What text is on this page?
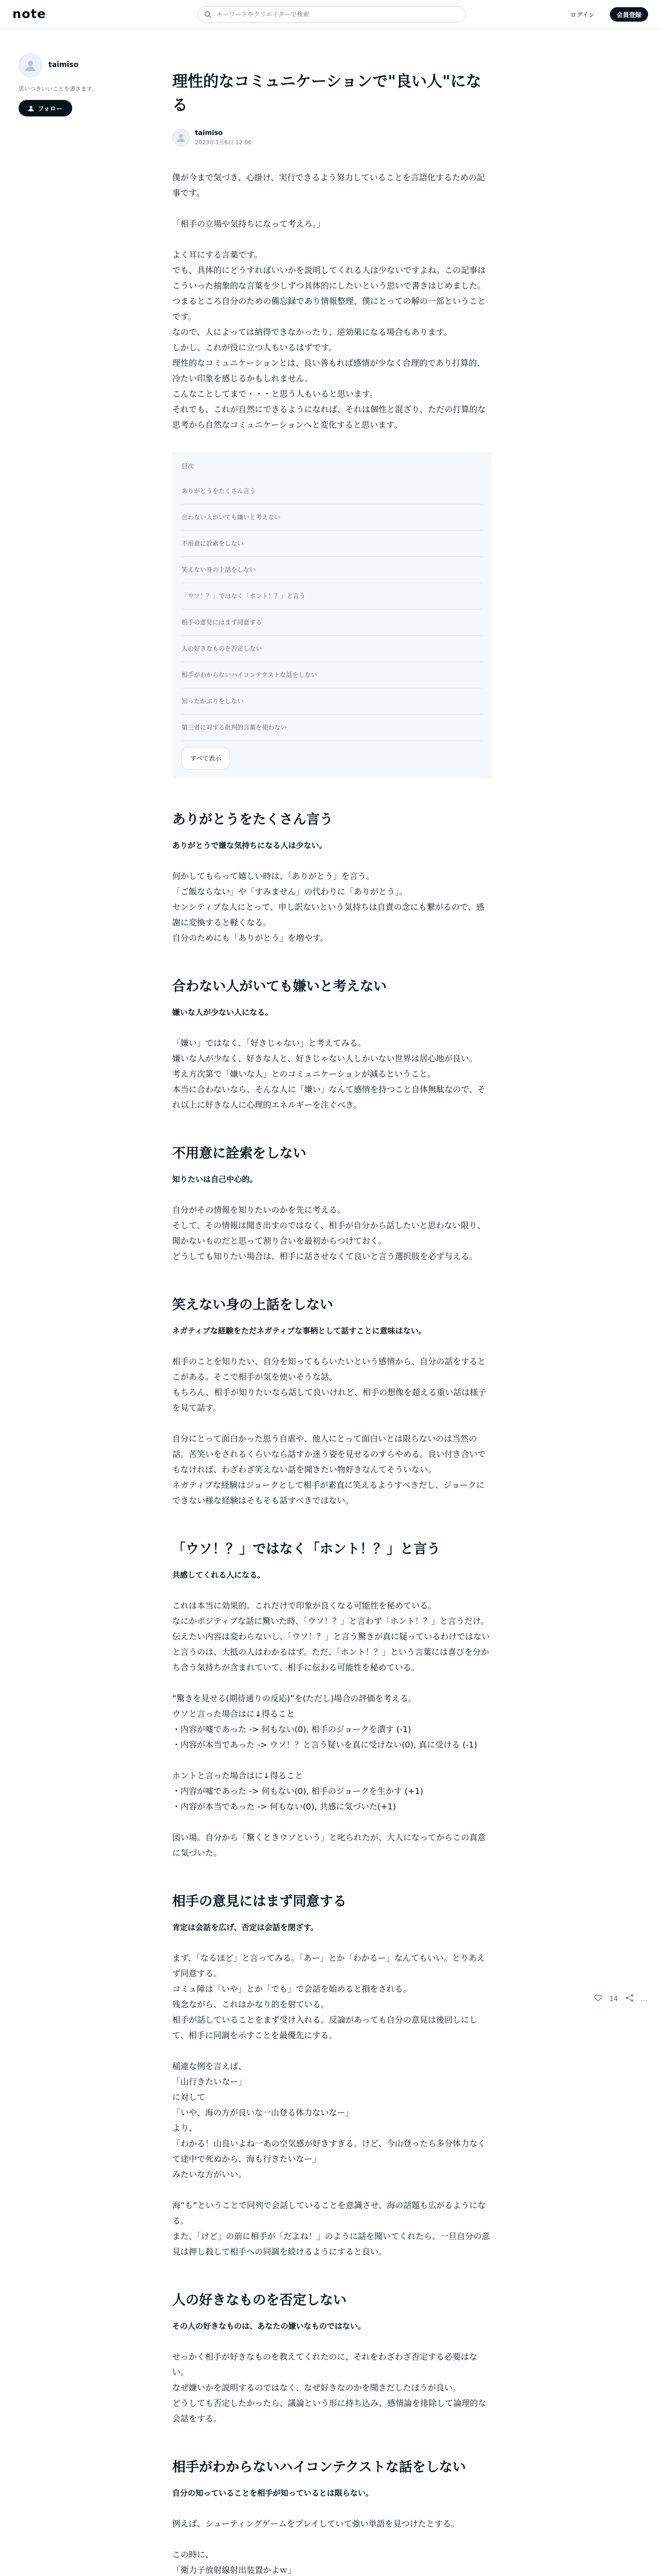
note
キーワードやクリエイターで検索	ログイン	会員登録
taimiso
思いつきいいことを書きます。
フォロー
理性的なコミュニケーションで"良い人"になる
taimiso
2023年3月6日 12:06

僕が今まで気づき、心掛け、実行できるよう努力していることを言語化するための記事です。

「相手の立場や気持ちになって考えろ。」

よく耳にする言葉です。
でも、具体的にどうすればいいかを説明してくれる人は少ないですよね。この記事はこういった抽象的な言葉を少しずつ具体的にしたいという思いで書きはじめました。
つまるところ自分のための備忘録であり情報整理、僕にとっての解の一部ということです。
なので、人によっては納得できなかったり、逆効果になる場合もあります。
しかし、これが役に立つ人もいるはずです。
理性的なコミュニケーションとは、良い善もれば感情が少なく合理的であり打算的、冷たい印象を感じるかもしれません。
こんなことしてまで・・・と思う人もいると思います。
それでも、これが自然にできるようになれば、それは個性と混ざり、ただの打算的な思考から自然なコミュニケーションへと変化すると思います。

目次
ありがとうをたくさん言う
合わない人がいても嫌いと考えない
不用意に詮索をしない
笑えない身の上話をしない
「ウソ！？」ではなく「ホント！？」と言う
相手の意見にはまず同意する
人の好きなものを否定しない
相手がわからないハイコンテクストな話をしない
知ったかぶりをしない
第三者に対する批判的言葉を使わない
すべて表示
ありがとうをたくさん言う

ありがとうで嫌な気持ちになる人は少ない。

何かしてもらって嬉しい時は、「ありがとう」を言う。
「ご飯ならない」や「すみません」の代わりに「ありがとう」。
センシティブな人にとって、申し訳ないという気持ちは自責の念にも繋がるので、感謝に変換すると軽くなる。
自分のためにも「ありがとう」を増やす。

合わない人がいても嫌いと考えない

嫌いな人が少ない人になる。

「嫌い」ではなく、「好きじゃない」と考えてみる。
嫌いな人が少なく、好きな人と、好きじゃない人しかいない世界は居心地が良い。
考え方次第で「嫌いな人」とのコミュニケーションが減るということ。
本当に合わないなら、そんな人に「嫌い」なんて感情を持つこと自体無駄なので、それ以上に好きな人に心理的エネルギーを注ぐべき。

不用意に詮索をしない

知りたいは自己中心的。

自分がその情報を知りたいのかを先に考える。
そして、その情報は聞き出すのではなく、相手が自分から話したいと思わない限り、聞かないものだと思って割り合いを最初からつけておく。
どうしても知りたい場合は、相手に話させなくて良いと言う選択肢を必ず与える。

笑えない身の上話をしない

ネガティブな経験をただネガティブな事柄として話すことに意味はない。

相手のことを知りたい、自分を知ってもらいたいという感情から、自分の話をするとこがある。そこで相手が気を使いそうな話。
もちろん、相手が知りたいなら話して良いけれど、相手の想像を超える重い話は様子を見て話す。

自分にとって面白かった思う自虐や、他人にとって面白いとは限らないのは当然の話。苦笑いをされるくらいなら話すか迷う姿を見せるのすらやめる。良い付き合いでもなければ、わざわざ笑えない話を聞きたい物好きなんてそういない。
ネガティブな経験はジョークとして相手が素直に笑えるようすべきだし、ジョークにできない様な経験はそもそも話すべきではない。

「ウソ！？」ではなく「ホント！？」と言う

共感してくれる人になる。

これは本当に効果的。これだけで印象が良くなる可能性を秘めている。
なにかポジティブな話に驚いた時、「ウソ！？」と言わず「ホント！？」と言うだけ。
伝えたい内容は変わらないし、「ウソ！？」と言う驚きが真に疑っているわけではないと言うのは、大抵の人はわかるはず。ただ、「ホント！？」という言葉には喜びを分かち合う気持ちが含まれていて、相手に伝わる可能性を秘めている。

”驚きを見せる(期待通りの反応)”を(ただし)場合の評価を考える。
ウソと言った場合はに↓得ること
・内容が嘘であった -> 何もない(0), 相手のジョークを潰す (-1)
・内容が本当であった -> ウソ！？と言う疑いを真に受けない(0), 真に受ける (-1)

ホントと言った場合はに↓得ること
・内容が嘘であった -> 何もない(0), 相手のジョークを生かす (+1)
・内容が本当であった -> 何もない(0), 共感に気づいた(+1)

図い場。自分から「驚くときウソという」と叱られたが、大人になってからこの真意に気づいた。

相手の意見にはまず同意する

肯定は会話を広げ、否定は会話を閉ざす。

まず、「なるほど」と言ってみる。「あー」とか「わかるー」なんてもいい。とりあえず同意する。
コミュ障は「いや」とか「でも」で会話を始めると損をされる。
残念ながら、これはかなり的を射ている。
相手が話していることをまず受け入れる。反論があっても自分の意見は後回しにして、相手に同調を示すことを最優先にする。

稲違な例を言えば、
「山行きたいなー」
に対して
「いや、海の方が良いな一山登る体力ないなー」
より、
「わかる！山良いよね一あの空気感が好きすぎる。けど、今山登ったら多分体力なくて途中で死ぬから、海も行きたいなー」
みたいな方がいい。

海”も”ということで同列で会話していることを意識させ、海の話題も広がるようになる。
また、「けど」の前に相手が「だよね！」のように話を聞いてくれたら、一旦自分の意見は押し殺して相手への同調を続けるようにすると良い。

人の好きなものを否定しない

その人の好きなものは、あなたの嫌いなものではない。

せっかく相手が好きなものを教えてくれたのに、それをわざわざ否定する必要はない。
なぜ嫌いかを説明するのではなく、なぜ好きなのかを聞きだしたほうが良い。
どうしても否定したかったら、議論という形に持ち込み、感情論を排除して論理的な会話をする。

相手がわからないハイコンテクストな話をしない

自分の知っていることを相手が知っているとは限らない。

例えば、シューティングゲームをプレイしていて強い単語を見つけたとする。

この時に、
「衛力子放射線射出装置かよｗ」

14	…
